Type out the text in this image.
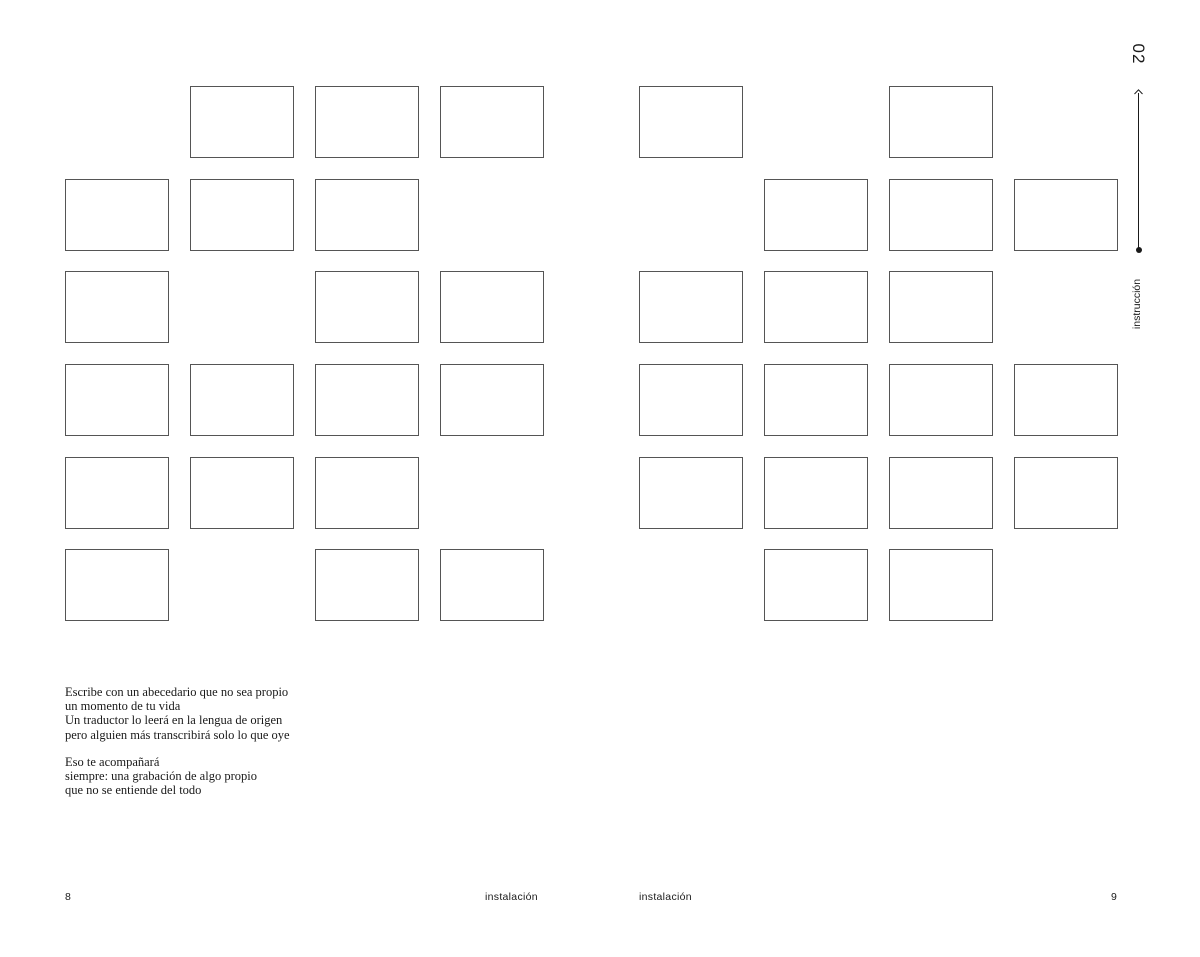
Escribe con un abecedario que no sea propio
un momento de tu vida
Un traductor lo leerá en la lengua de origen
pero alguien más transcribirá solo lo que oye
Eso te acompañará
siempre: una grabación de algo propio
que no se entiende del todo
8	instalación	instalación	9
02
instrucción
